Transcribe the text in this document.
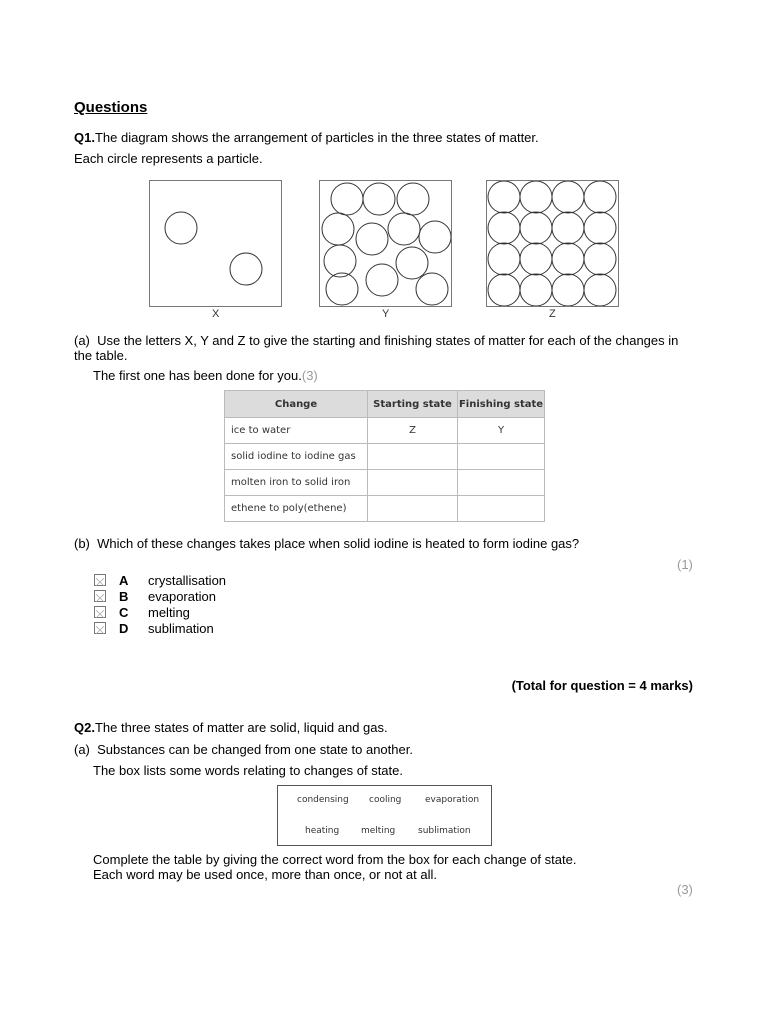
Questions
Q1.The diagram shows the arrangement of particles in the three states of matter.
Each circle represents a particle.
X	Y	Z
(a) Use the letters X, Y and Z to give the starting and finishing states of matter for each of the changes in the table.
The first one has been done for you.(3)
Change	Starting state	Finishing state
ice to water	Z	Y
solid iodine to iodine gas		
molten iron to solid iron		
ethene to poly(ethene)		
(b) Which of these changes takes place when solid iodine is heated to form iodine gas?
(1)
A crystallisation
B evaporation
C melting
D sublimation
(Total for question = 4 marks)
Q2.The three states of matter are solid, liquid and gas.
(a) Substances can be changed from one state to another.
The box lists some words relating to changes of state.
condensing cooling	evaporation
heating melting	sublimation
Complete the table by giving the correct word from the box for each change of state.
Each word may be used once, more than once, or not at all.
(3)
